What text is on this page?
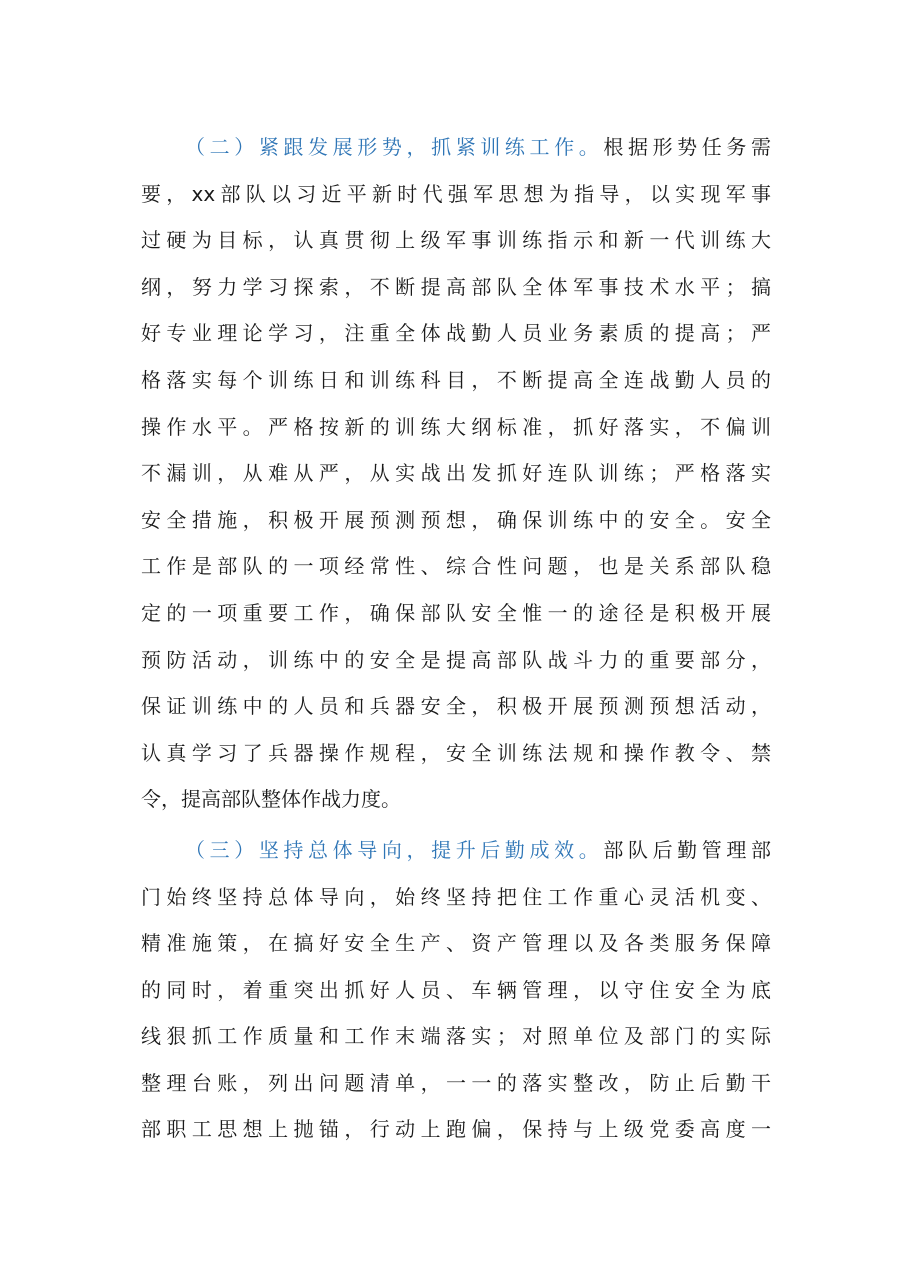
（二）紧跟发展形势，抓紧训练工作。根据形势任务需
要，xx部队以习近平新时代强军思想为指导，以实现军事
过硬为目标，认真贯彻上级军事训练指示和新一代训练大
纲，努力学习探索，不断提高部队全体军事技术水平；搞
好专业理论学习，注重全体战勤人员业务素质的提高；严
格落实每个训练日和训练科目，不断提高全连战勤人员的
操作水平。严格按新的训练大纲标准，抓好落实，不偏训
不漏训，从难从严，从实战出发抓好连队训练；严格落实
安全措施，积极开展预测预想，确保训练中的安全。安全
工作是部队的一项经常性、综合性问题，也是关系部队稳
定的一项重要工作，确保部队安全惟一的途径是积极开展
预防活动，训练中的安全是提高部队战斗力的重要部分，
保证训练中的人员和兵器安全，积极开展预测预想活动，
认真学习了兵器操作规程，安全训练法规和操作教令、禁
令，提高部队整体作战力度。
（三）坚持总体导向，提升后勤成效。部队后勤管理部
门始终坚持总体导向，始终坚持把住工作重心灵活机变、
精准施策，在搞好安全生产、资产管理以及各类服务保障
的同时，着重突出抓好人员、车辆管理，以守住安全为底
线狠抓工作质量和工作末端落实；对照单位及部门的实际
整理台账，列出问题清单，一一的落实整改，防止后勤干
部职工思想上抛锚，行动上跑偏，保持与上级党委高度一
